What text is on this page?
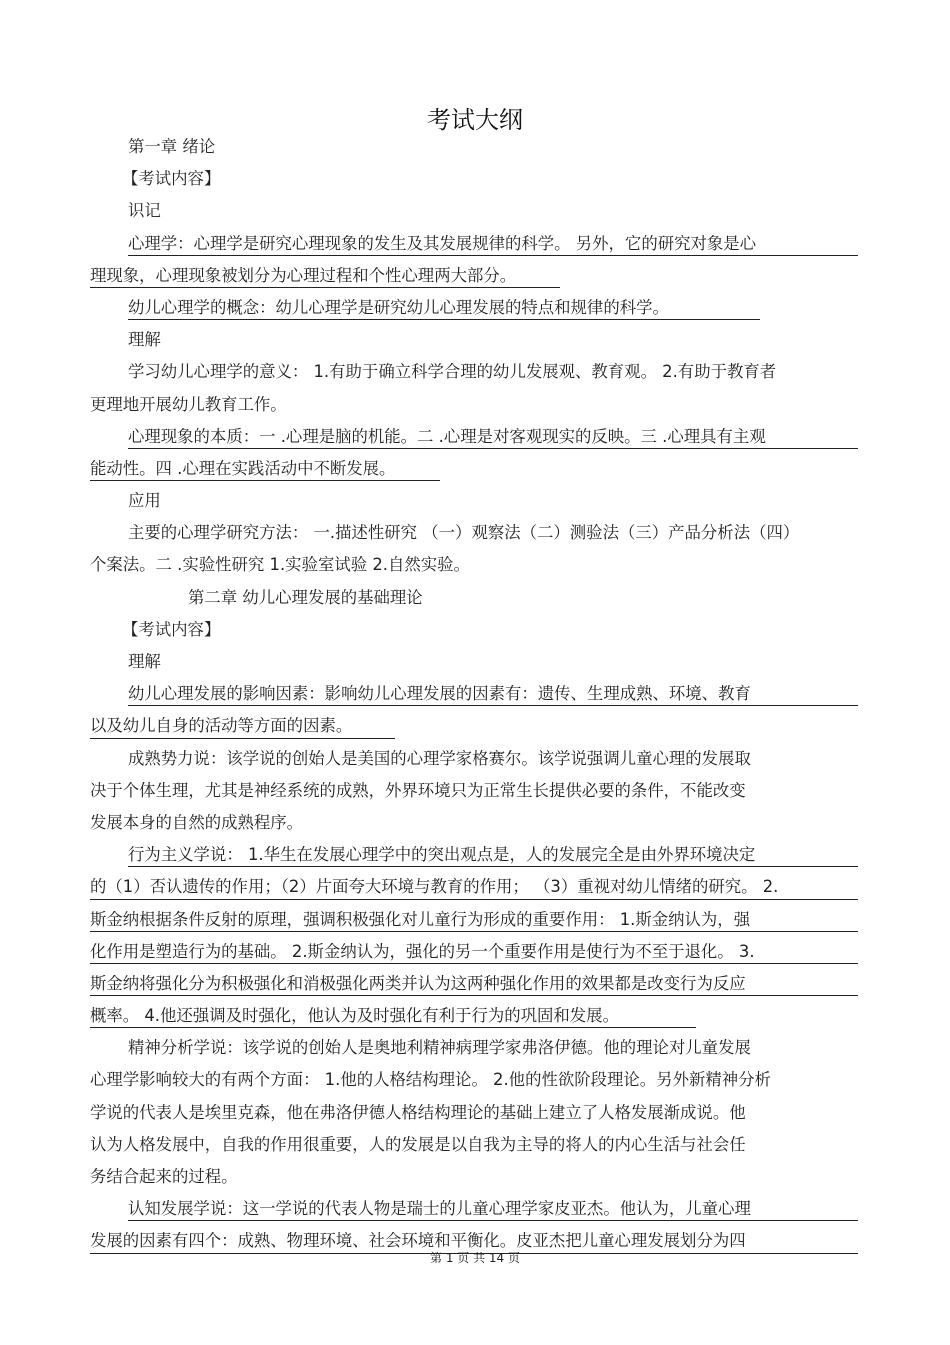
考试大纲
第一章 绪论
【考试内容】
识记
心理学：心理学是研究心理现象的发生及其发展规律的科学。 另外，它的研究对象是心
理现象，心理现象被划分为心理过程和个性心理两大部分。
幼儿心理学的概念：幼儿心理学是研究幼儿心理发展的特点和规律的科学。
理解
学习幼儿心理学的意义： 1.有助于确立科学合理的幼儿发展观、教育观。 2.有助于教育者
更理地开展幼儿教育工作。
心理现象的本质：一 .心理是脑的机能。二 .心理是对客观现实的反映。三 .心理具有主观
能动性。四 .心理在实践活动中不断发展。
应用
主要的心理学研究方法： 一.描述性研究 （一）观察法（二）测验法（三）产品分析法（四）
个案法。二 .实验性研究 1.实验室试验 2.自然实验。
第二章 幼儿心理发展的基础理论
【考试内容】
理解
幼儿心理发展的影响因素：影响幼儿心理发展的因素有：遗传、生理成熟、环境、教育
以及幼儿自身的活动等方面的因素。
成熟势力说：该学说的创始人是美国的心理学家格赛尔。该学说强调儿童心理的发展取
决于个体生理，尤其是神经系统的成熟，外界环境只为正常生长提供必要的条件，不能改变
发展本身的自然的成熟程序。
行为主义学说： 1.华生在发展心理学中的突出观点是，人的发展完全是由外界环境决定
的（1）否认遗传的作用；（2）片面夸大环境与教育的作用； （3）重视对幼儿情绪的研究。 2.
斯金纳根据条件反射的原理，强调积极强化对儿童行为形成的重要作用： 1.斯金纳认为，强
化作用是塑造行为的基础。 2.斯金纳认为，强化的另一个重要作用是使行为不至于退化。 3.
斯金纳将强化分为积极强化和消极强化两类并认为这两种强化作用的效果都是改变行为反应
概率。 4.他还强调及时强化，他认为及时强化有利于行为的巩固和发展。
精神分析学说：该学说的创始人是奥地利精神病理学家弗洛伊德。他的理论对儿童发展
心理学影响较大的有两个方面： 1.他的人格结构理论。 2.他的性欲阶段理论。另外新精神分析
学说的代表人是埃里克森，他在弗洛伊德人格结构理论的基础上建立了人格发展渐成说。他
认为人格发展中，自我的作用很重要，人的发展是以自我为主导的将人的内心生活与社会任
务结合起来的过程。
认知发展学说：这一学说的代表人物是瑞士的儿童心理学家皮亚杰。他认为，儿童心理
发展的因素有四个：成熟、物理环境、社会环境和平衡化。皮亚杰把儿童心理发展划分为四
第 1 页 共 14 页
